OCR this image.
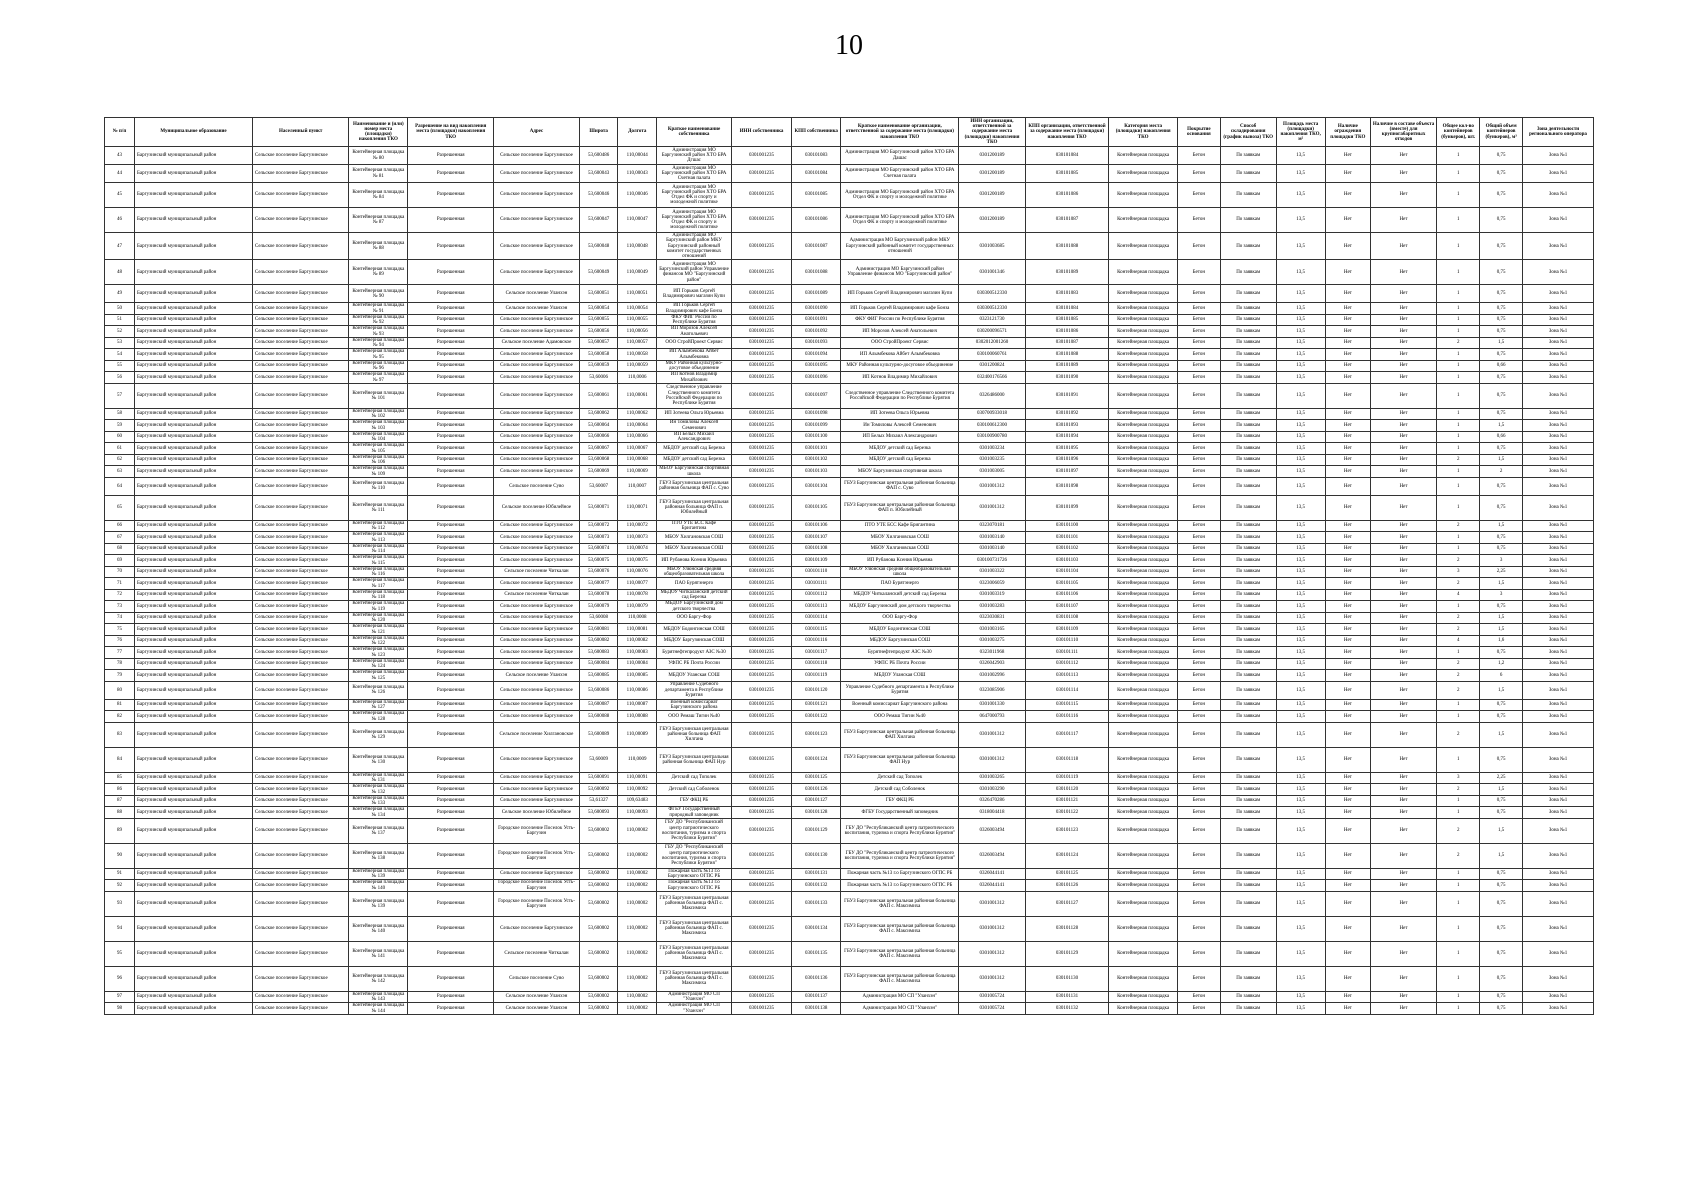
10
№ п/п	Муниципальное образование	Населенный пункт	Наименование и (или) номер места (площадки) накопления ТКО	Разрешение на вид накопления места (площадки) накопления ТКО	Адрес	Широта	Долгота	Краткое наименование собственника	ИНН собственника	КПП собственника	Краткое наименование организации, ответственной за содержание места (площадки) накопления ТКО	ИНН организации, ответственной за содержание места (площадки) накопления ТКО	КПП организации, ответственной за содержание места (площадки) накопления ТКО	Категория места (площадки) накопления ТКО	Покрытие основания	Способ складирования (график вывоза) ТКО	Площадь места (площадки) накопления ТКО, м²	Наличие ограждения площадки ТКО	Наличие в составе объекта (вместе) для крупногабаритных отходов	Общее кол-во контейнеров (бункеров), шт.	Общий объем контейнеров (бункеров), м³	Зона деятельности регионального оператора
43	Баргузинский муниципальный район	Сельское поселение Баргузинское	Контейнерная площадка № 80	Разрешенная	Сельское поселение Баргузинское	53,600486	110,00044	Администрация МО Баргузинский район ХТО БРА Дгшас	0301001235	030101083	Администрация МО Баргузинский район ХТО БРА Дашас	0301200189	030101084	Контейнерная площадка	Бетон	По заявкам	13,5	Нет	Нет	1	0,75	Зона №1
44	Баргузинский муниципальный район	Сельское поселение Баргузинское	Контейнерная площадка № 81	Разрешенная	Сельское поселение Баргузинское	53,600043	110,00043	Администрация МО Баргузинский район ХТО БРА Счетная палата	0301001235	030101084	Администрация МО Баргузинский район ХТО БРА Счетная палата	0301200189	030101085	Контейнерная площадка	Бетон	По заявкам	13,5	Нет	Нет	1	0,75	Зона №1
45	Баргузинский муниципальный район	Сельское поселение Баргузинское	Контейнерная площадка № 84	Разрешенная	Сельское поселение Баргузинское	53,600046	110,00046	Администрация МО Баргузинский район ХТО БРА Отдел ФК и спорту и молодежной политике	0301001235	030101085	Администрация МО Баргузинский район ХТО БРА Отдел ФК и спорту и молодежной политике	0301200189	030101086	Контейнерная площадка	Бетон	По заявкам	13,5	Нет	Нет	1	0,75	Зона №1
46	Баргузинский муниципальный район	Сельское поселение Баргузинское	Контейнерная площадка № 87	Разрешенная	Сельское поселение Баргузинское	53,600047	110,00047	Администрация МО Баргузинский район ХТО БРА Отдел ФК и спорту и молодежной политике	0301001235	030101086	Администрация МО Баргузинский район ХТО БРА Отдел ФК и спорту и молодежной политике	0301200189	030101087	Контейнерная площадка	Бетон	По заявкам	13,5	Нет	Нет	1	0,75	Зона №1
47	Баргузинский муниципальный район	Сельское поселение Баргузинское	Контейнерная площадка № 88	Разрешенная	Сельское поселение Баргузинское	53,600048	110,00048	Администрация МО Баргузинский район МКУ Баргузинский районный комитет государственных отношений	0301001235	030101087	Администрация МО Баргузинский район МКУ Баргузинский районный комитет государственных отношений	0301003685	030101088	Контейнерная площадка	Бетон	По заявкам	13,5	Нет	Нет	1	0,75	Зона №1
48	Баргузинский муниципальный район	Сельское поселение Баргузинское	Контейнерная площадка № 89	Разрешенная	Сельское поселение Баргузинское	53,600049	110,00049	Администрация МО Баргузинский район Управление финансов МО "Баргузинский район"	0301001235	030101088	Администрация МО Баргузинский район Управление финансов МО "Баргузинский район"	0301001346	030101089	Контейнерная площадка	Бетон	По заявкам	13,5	Нет	Нет	1	0,75	Зона №1
49	Баргузинский муниципальный район	Сельское поселение Баргузинское	Контейнерная площадка № 90	Разрешенная	Сельское поселение Уланхэн	53,600051	110,00051	ИП Горьков Сергей Владимирович магазин Купи	0301001235	030101089	ИП Горьков Сергей Владимирович магазин Купи	030300512330	030101083	Контейнерная площадка	Бетон	По заявкам	13,5	Нет	Нет	1	0,75	Зона №1
50	Баргузинский муниципальный район	Сельское поселение Баргузинское	Контейнерная площадка № 91	Разрешенная	Сельское поселение Уланхэн	53,600054	110,00054	ИП Горьков Сергей Владимирович кафе Бонза	0301001235	030101090	ИП Горьков Сергей Владимирович кафе Бонза	030300512330	030101084	Контейнерная площадка	Бетон	По заявкам	13,5	Нет	Нет	1	0,75	Зона №1
51	Баргузинский муниципальный район	Сельское поселение Баргузинское	Контейнерная площадка № 92	Разрешенная	Сельское поселение Баргузинское	53,600055	110,00055	ФКУ ФИГ России по Республике Бурятия	0301001235	030101091	ФКУ ФИГ России по Республике Бурятия	0323121730	030101085	Контейнерная площадка	Бетон	По заявкам	13,5	Нет	Нет	1	0,75	Зона №1
52	Баргузинский муниципальный район	Сельское поселение Баргузинское	Контейнерная площадка № 93	Разрешенная	Сельское поселение Баргузинское	53,600056	110,00056	ИП Морозов Алексей Анатольевич	0301001235	030101092	ИП Морозов Алексей Анатольевич	030200096571	030101086	Контейнерная площадка	Бетон	По заявкам	13,5	Нет	Нет	1	0,75	Зона №1
53	Баргузинский муниципальный район	Сельское поселение Баргузинское	Контейнерная площадка № 94	Разрешенная	Сельское поселение Адамовское	53,600057	110,00057	ООО СтройПроект Сервис	0301001235	030101093	ООО СтройПроект Сервис	0302012001260	030101087	Контейнерная площадка	Бетон	По заявкам	13,5	Нет	Нет	2	1,5	Зона №1
54	Баргузинский муниципальный район	Сельское поселение Баргузинское	Контейнерная площадка № 95	Разрешенная	Сельское поселение Баргузинское	53,600058	110,00058	ИП Алымбекова Айбет Алымбековна	0301001235	030101094	ИП Алымбекова Айбет Алымбековна	030100060761	030101088	Контейнерная площадка	Бетон	По заявкам	13,5	Нет	Нет	1	0,75	Зона №1
55	Баргузинский муниципальный район	Сельское поселение Баргузинское	Контейнерная площадка № 96	Разрешенная	Сельское поселение Баргузинское	53,600059	110,00059	МКУ Районная культурно-досуговое объединение	0301001235	030101095	МКУ Районная культурно-досуговое объединение	0301200824	030101089	Контейнерная площадка	Бетон	По заявкам	13,5	Нет	Нет	1	0,66	Зона №1
56	Баргузинский муниципальный район	Сельское поселение Баргузинское	Контейнерная площадка № 97	Разрешенная	Сельское поселение Баргузинское	53,60006	110,0006	ИП Котнов Владимир Михайлович	0301001235	030101096	ИП Котнов Владимир Михайлович	032400176566	030101090	Контейнерная площадка	Бетон	По заявкам	13,5	Нет	Нет	1	0,75	Зона №1
57	Баргузинский муниципальный район	Сельское поселение Баргузинское	Контейнерная площадка № 101	Разрешенная	Сельское поселение Баргузинское	53,600061	110,00061	Следственное управление Следственного комитета Российской Федерации по Республике Бурятия	0301001235	030101097	Следственное управление Следственного комитета Российской Федерации по Республике Бурятия	0326486000	030101091	Контейнерная площадка	Бетон	По заявкам	13,5	Нет	Нет	1	0,75	Зона №1
58	Баргузинский муниципальный район	Сельское поселение Баргузинское	Контейнерная площадка № 102	Разрешенная	Сельское поселение Баргузинское	53,600062	110,00062	ИП Зотеева Ольга Юрьевна	0301001235	030101098	ИП Зотеева Ольга Юрьевна	030700933018	030101092	Контейнерная площадка	Бетон	По заявкам	13,5	Нет	Нет	1	0,75	Зона №1
59	Баргузинский муниципальный район	Сельское поселение Баргузинское	Контейнерная площадка № 103	Разрешенная	Сельское поселение Баргузинское	53,600064	110,00064	Ин Томиловы Алексей Семенович	0301001235	030101099	Ин Томиловы Алексей Семенович	030100612300	030101093	Контейнерная площадка	Бетон	По заявкам	13,5	Нет	Нет	1	1,5	Зона №1
60	Баргузинский муниципальный район	Сельское поселение Баргузинское	Контейнерная площадка № 104	Разрешенная	Сельское поселение Баргузинское	53,600066	110,00066	ИП Белых Михаил Александрович	0301001235	030101100	ИП Белых Михаил Александрович	030100900780	030101094	Контейнерная площадка	Бетон	По заявкам	13,5	Нет	Нет	1	0,66	Зона №1
61	Баргузинский муниципальный район	Сельское поселение Баргузинское	Контейнерная площадка № 105	Разрешенная	Сельское поселение Баргузинское	53,600067	110,00067	МБДОУ детский сад Березка	0301001235	030101101	МБДОУ детский сад Березка	0301003234	030101095	Контейнерная площадка	Бетон	По заявкам	13,5	Нет	Нет	1	0,75	Зона №1
62	Баргузинский муниципальный район	Сельское поселение Баргузинское	Контейнерная площадка № 106	Разрешенная	Сельское поселение Баргузинское	53,600068	110,00068	МБДОУ детский сад Березка	0301001235	030101102	МБДОУ детский сад Березка	0301003235	030101096	Контейнерная площадка	Бетон	По заявкам	13,5	Нет	Нет	2	1,5	Зона №1
63	Баргузинский муниципальный район	Сельское поселение Баргузинское	Контейнерная площадка № 109	Разрешенная	Сельское поселение Баргузинское	53,600069	110,00069	МБОУ Баргузинская спортивная школа	0301001235	030101103	МБОУ Баргузинская спортивная школа	0301003005	030101097	Контейнерная площадка	Бетон	По заявкам	13,5	Нет	Нет	1	2	Зона №1
64	Баргузинский муниципальный район	Сельское поселение Баргузинское	Контейнерная площадка № 110	Разрешенная	Сельское поселение Суво	53,60007	110,0007	ГБУЗ Баргузинская центральная районная больница ФАП с. Суво	0301001235	030101104	ГБУЗ Баргузинская центральная районная больница ФАП с. Суво	0301001312	030101098	Контейнерная площадка	Бетон	По заявкам	13,5	Нет	Нет	1	0,75	Зона №1
65	Баргузинский муниципальный район	Сельское поселение Баргузинское	Контейнерная площадка № 111	Разрешенная	Сельское поселение Юбилейное	53,600071	110,00071	ГБУЗ Баргузинская центральная районная больница ФАП п. Юбилейный	0301001235	030101105	ГБУЗ Баргузинская центральная районная больница ФАП п. Юбилейный	0301001312	030101099	Контейнерная площадка	Бетон	По заявкам	13,5	Нет	Нет	1	0,75	Зона №1
66	Баргузинский муниципальный район	Сельское поселение Баргузинское	Контейнерная площадка № 112	Разрешенная	Сельское поселение Баргузинское	53,600072	110,00072	ПТО УТЕ БСС Кафе Бригантина	0301001235	030101106	ПТО УТЕ БСС Кафе Бригантина	0323070181	030101100	Контейнерная площадка	Бетон	По заявкам	13,5	Нет	Нет	2	1,5	Зона №1
67	Баргузинский муниципальный район	Сельское поселение Баргузинское	Контейнерная площадка № 113	Разрешенная	Сельское поселение Баргузинское	53,600073	110,00073	МБОУ Хилгановская СОШ	0301001235	030101107	МБОУ Хилгановская СОШ	0301003140	030101101	Контейнерная площадка	Бетон	По заявкам	13,5	Нет	Нет	1	0,75	Зона №1
68	Баргузинский муниципальный район	Сельское поселение Баргузинское	Контейнерная площадка № 114	Разрешенная	Сельское поселение Баргузинское	53,600074	110,00074	МБОУ Хилгановская СОШ	0301001235	030101108	МБОУ Хилгановская СОШ	0301003140	030101102	Контейнерная площадка	Бетон	По заявкам	13,5	Нет	Нет	1	0,75	Зона №1
69	Баргузинский муниципальный район	Сельское поселение Баргузинское	Контейнерная площадка № 115	Разрешенная	Сельское поселение Баргузинское	53,600075	110,00075	ИП Рубанова Ксения Юрьевна	0301001235	030101109	ИП Рубанова Ксения Юрьевна	030100731726	030101103	Контейнерная площадка	Бетон	По заявкам	13,5	Нет	Нет	2	3	Зона №1
70	Баргузинский муниципальный район	Сельское поселение Баргузинское	Контейнерная площадка № 116	Разрешенная	Сельское поселение Читкалан	53,600076	110,00076	МБОУ Улюнская средняя общеобразовательная школа	0301001235	030101110	МБОУ Улюнская средняя общеобразовательная школа	0301003322	030101104	Контейнерная площадка	Бетон	По заявкам	13,5	Нет	Нет	3	2,25	Зона №1
71	Баргузинский муниципальный район	Сельское поселение Баргузинское	Контейнерная площадка № 117	Разрешенная	Сельское поселение Баргузинское	53,600077	110,00077	ПАО Бурятэнерго	0301001235	030101111	ПАО Бурятэнерго	0323006059	030101105	Контейнерная площадка	Бетон	По заявкам	13,5	Нет	Нет	2	1,5	Зона №1
72	Баргузинский муниципальный район	Сельское поселение Баргузинское	Контейнерная площадка № 118	Разрешенная	Сельское поселение Читкалан	53,600078	110,00078	МБДОУ Читкаланский детский сад Березка	0301001235	030101112	МБДОУ Читкаланский детский сад Березка	0301003319	030101106	Контейнерная площадка	Бетон	По заявкам	13,5	Нет	Нет	4	3	Зона №1
73	Баргузинский муниципальный район	Сельское поселение Баргузинское	Контейнерная площадка № 119	Разрешенная	Сельское поселение Баргузинское	53,600079	110,00079	МБДОУ Баргузинский дом детского творчества	0301001235	030101113	МБДОУ Баргузинский дом детского творчества	0301003283	030101107	Контейнерная площадка	Бетон	По заявкам	13,5	Нет	Нет	1	0,75	Зона №1
74	Баргузинский муниципальный район	Сельское поселение Баргузинское	Контейнерная площадка № 120	Разрешенная	Сельское поселение Баргузинское	53,60008	110,0008	ООО Баргу-Фор	0301001235	030101114	ООО Баргу-Фор	0323030831	030101108	Контейнерная площадка	Бетон	По заявкам	13,5	Нет	Нет	2	1,5	Зона №1
75	Баргузинский муниципальный район	Сельское поселение Баргузинское	Контейнерная площадка № 121	Разрешенная	Сельское поселение Баргузинское	53,600081	110,00081	МБДОУ Бодонгинская СОШ	0301001235	030101115	МБДОУ Бодонгинская СОШ	0301003165	030101109	Контейнерная площадка	Бетон	По заявкам	13,5	Нет	Нет	2	1,5	Зона №1
76	Баргузинский муниципальный район	Сельское поселение Баргузинское	Контейнерная площадка № 122	Разрешенная	Сельское поселение Баргузинское	53,600082	110,00082	МБДОУ Баргузинская СОШ	0301001235	030101116	МБДОУ Баргузинская СОШ	0301003275	030101110	Контейнерная площадка	Бетон	По заявкам	13,5	Нет	Нет	4	1,6	Зона №1
77	Баргузинский муниципальный район	Сельское поселение Баргузинское	Контейнерная площадка № 123	Разрешенная	Сельское поселение Баргузинское	53,600083	110,00083	Бурятнефтепродукт АЗС №30	0301001235	030101117	Бурятнефтепродукт АЗС №30	0323011968	030101111	Контейнерная площадка	Бетон	По заявкам	13,5	Нет	Нет	1	0,75	Зона №1
78	Баргузинский муниципальный район	Сельское поселение Баргузинское	Контейнерная площадка № 124	Разрешенная	Сельское поселение Баргузинское	53,600084	110,00084	УФПС РБ Почта России	0301001235	030101118	УФПС РБ Почта России	0326042903	030101112	Контейнерная площадка	Бетон	По заявкам	13,5	Нет	Нет	2	1,2	Зона №1
79	Баргузинский муниципальный район	Сельское поселение Баргузинское	Контейнерная площадка № 125	Разрешенная	Сельское поселение Уланхэн	53,600085	110,00085	МБДОУ Уланская СОШ	0301001235	030101119	МБДОУ Уланская СОШ	0301002996	030101113	Контейнерная площадка	Бетон	По заявкам	13,5	Нет	Нет	2	6	Зона №1
80	Баргузинский муниципальный район	Сельское поселение Баргузинское	Контейнерная площадка № 126	Разрешенная	Сельское поселение Баргузинское	53,600086	110,00086	Управление Судебного департамента в Республике Бурятия	0301001235	030101120	Управление Судебного департамента в Республике Бурятия	0323085906	030101114	Контейнерная площадка	Бетон	По заявкам	13,5	Нет	Нет	2	1,5	Зона №1
81	Баргузинский муниципальный район	Сельское поселение Баргузинское	Контейнерная площадка № 127	Разрешенная	Сельское поселение Баргузинское	53,600087	110,00087	Военный комиссариат Баргузинского района	0301001235	030101121	Военный комиссариат Баргузинского района	0301001330	030101115	Контейнерная площадка	Бетон	По заявкам	13,5	Нет	Нет	1	0,75	Зона №1
82	Баргузинский муниципальный район	Сельское поселение Баргузинское	Контейнерная площадка № 128	Разрешенная	Сельское поселение Баргузинское	53,600088	110,00088	ООО Ремаш Тигин №40	0301001235	030101122	ООО Ремаш Тигин №40	0647000793	030101116	Контейнерная площадка	Бетон	По заявкам	13,5	Нет	Нет	1	0,75	Зона №1
83	Баргузинский муниципальный район	Сельское поселение Баргузинское	Контейнерная площадка № 129	Разрешенная	Сельское поселение Хилгановское	53,600089	110,00089	ГБУЗ Баргузинская центральная районная больница ФАП Хилгана	0301001235	030101123	ГБУЗ Баргузинская центральная районная больница ФАП Хилгана	0301001312	030101117	Контейнерная площадка	Бетон	По заявкам	13,5	Нет	Нет	2	1,5	Зона №1
84	Баргузинский муниципальный район	Сельское поселение Баргузинское	Контейнерная площадка № 130	Разрешенная	Сельское поселение Баргузинское	53,60009	110,0009	ГБУЗ Баргузинская центральная районная больница ФАП Нур	0301001235	030101124	ГБУЗ Баргузинская центральная районная больница ФАП Нур	0301001312	030101118	Контейнерная площадка	Бетон	По заявкам	13,5	Нет	Нет	1	0,75	Зона №1
85	Баргузинский муниципальный район	Сельское поселение Баргузинское	Контейнерная площадка № 131	Разрешенная	Сельское поселение Баргузинское	53,600091	110,00091	Детский сад Тополек	0301001235	030101125	Детский сад Тополек	0301003265	030101119	Контейнерная площадка	Бетон	По заявкам	13,5	Нет	Нет	3	2,25	Зона №1
86	Баргузинский муниципальный район	Сельское поселение Баргузинское	Контейнерная площадка № 132	Разрешенная	Сельское поселение Баргузинское	53,600092	110,00092	Детский сад Соболенок	0301001235	030101126	Детский сад Соболенок	0301003290	030101120	Контейнерная площадка	Бетон	По заявкам	13,5	Нет	Нет	2	1,5	Зона №1
87	Баргузинский муниципальный район	Сельское поселение Баргузинское	Контейнерная площадка № 133	Разрешенная	Сельское поселение Баргузинское	53,61327	109,63483	ГБУ ФКЦ РБ	0301001235	030101127	ГБУ ФКЦ РБ	0326470286	030101121	Контейнерная площадка	Бетон	По заявкам	13,5	Нет	Нет	1	0,75	Зона №1
88	Баргузинский муниципальный район	Сельское поселение Баргузинское	Контейнерная площадка № 134	Разрешенная	Сельское поселение Юбилейное	53,600093	110,00093	ФГБУ Государственный природный заповедник	0301001235	030101128	ФГБУ Государственный заповедник	0318004418	030101122	Контейнерная площадка	Бетон	По заявкам	13,5	Нет	Нет	1	0,75	Зона №1
89	Баргузинский муниципальный район	Сельское поселение Баргузинское	Контейнерная площадка № 137	Разрешенная	Городское поселение Поселок Усть-Баргузин	53,600002	110,00002	ГБУ ДО "Республиканский центр патриотического воспитания, туризма и спорта Республики Бурятия"	0301001235	030101129	ГБУ ДО "Республиканский центр патриотического воспитания, туризма и спорта Республики Бурятия"	0326003494	030101123	Контейнерная площадка	Бетон	По заявкам	13,5	Нет	Нет	2	1,5	Зона №1
90	Баргузинский муниципальный район	Сельское поселение Баргузинское	Контейнерная площадка № 138	Разрешенная	Городское поселение Поселок Усть-Баргузин	53,600002	110,00002	ГБУ ДО "Республиканский центр патриотического воспитания, туризма и спорта Республики Бурятия"	0301001235	030101130	ГБУ ДО "Республиканский центр патриотического воспитания, туризма и спорта Республики Бурятия"	0326003494	030101124	Контейнерная площадка	Бетон	По заявкам	13,5	Нет	Нет	2	1,5	Зона №1
91	Баргузинский муниципальный район	Сельское поселение Баргузинское	Контейнерная площадка № 139	Разрешенная	Сельское поселение Баргузинское	53,600002	110,00002	Пожарная часть №13 г.о Баргузинского ОГПС РБ	0301001235	030101131	Пожарная часть №13 г.о Баргузинского ОГПС РБ	0326044141	030101125	Контейнерная площадка	Бетон	По заявкам	13,5	Нет	Нет	1	0,75	Зона №1
92	Баргузинский муниципальный район	Сельское поселение Баргузинское	Контейнерная площадка № 140	Разрешенная	Городское поселение Поселок Усть-Баргузин	53,600002	110,00002	Пожарная часть №13 г.о Баргузинского ОГПС РБ	0301001235	030101132	Пожарная часть №13 г.о Баргузинского ОГПС РБ	0326044141	030101126	Контейнерная площадка	Бетон	По заявкам	13,5	Нет	Нет	1	0,75	Зона №1
93	Баргузинский муниципальный район	Сельское поселение Баргузинское	Контейнерная площадка № 139	Разрешенная	Городское поселение Поселок Усть-Баргузин	53,600002	110,00002	ГБУЗ Баргузинская центральная районная больница ФАП с. Максимиха	0301001235	030101133	ГБУЗ Баргузинская центральная районная больница ФАП с. Максимиха	0301001312	030101127	Контейнерная площадка	Бетон	По заявкам	13,5	Нет	Нет	1	0,75	Зона №1
94	Баргузинский муниципальный район	Сельское поселение Баргузинское	Контейнерная площадка № 140	Разрешенная	Сельское поселение Баргузинское	53,600002	110,00002	ГБУЗ Баргузинская центральная районная больница ФАП с. Максимиха	0301001235	030101134	ГБУЗ Баргузинская центральная районная больница ФАП с. Максимиха	0301001312	030101128	Контейнерная площадка	Бетон	По заявкам	13,5	Нет	Нет	1	0,75	Зона №1
95	Баргузинский муниципальный район	Сельское поселение Баргузинское	Контейнерная площадка № 141	Разрешенная	Сельское поселение Читкалан	53,600002	110,00002	ГБУЗ Баргузинская центральная районная больница ФАП с. Максимиха	0301001235	030101135	ГБУЗ Баргузинская центральная районная больница ФАП с. Максимиха	0301001312	030101129	Контейнерная площадка	Бетон	По заявкам	13,5	Нет	Нет	1	0,75	Зона №1
96	Баргузинский муниципальный район	Сельское поселение Баргузинское	Контейнерная площадка № 142	Разрешенная	Сельское поселение Суво	53,600002	110,00002	ГБУЗ Баргузинская центральная районная больница ФАП с. Максимиха	0301001235	030101136	ГБУЗ Баргузинская центральная районная больница ФАП с. Максимиха	0301001312	030101130	Контейнерная площадка	Бетон	По заявкам	13,5	Нет	Нет	1	0,75	Зона №1
97	Баргузинский муниципальный район	Сельское поселение Баргузинское	Контейнерная площадка № 143	Разрешенная	Сельское поселение Уланхэн	53,600002	110,00002	Администрация МО СП "Уланхэн"	0301001235	030101137	Администрация МО СП "Уланхэн"	0301005724	030101131	Контейнерная площадка	Бетон	По заявкам	13,5	Нет	Нет	1	0,75	Зона №1
98	Баргузинский муниципальный район	Сельское поселение Баргузинское	Контейнерная площадка № 144	Разрешенная	Сельское поселение Уланхэн	53,600002	110,00002	Администрация МО СП "Уланхэн"	0301001235	030101138	Администрация МО СП "Уланхэн"	0301005724	030101132	Контейнерная площадка	Бетон	По заявкам	13,5	Нет	Нет	1	0,75	Зона №1
